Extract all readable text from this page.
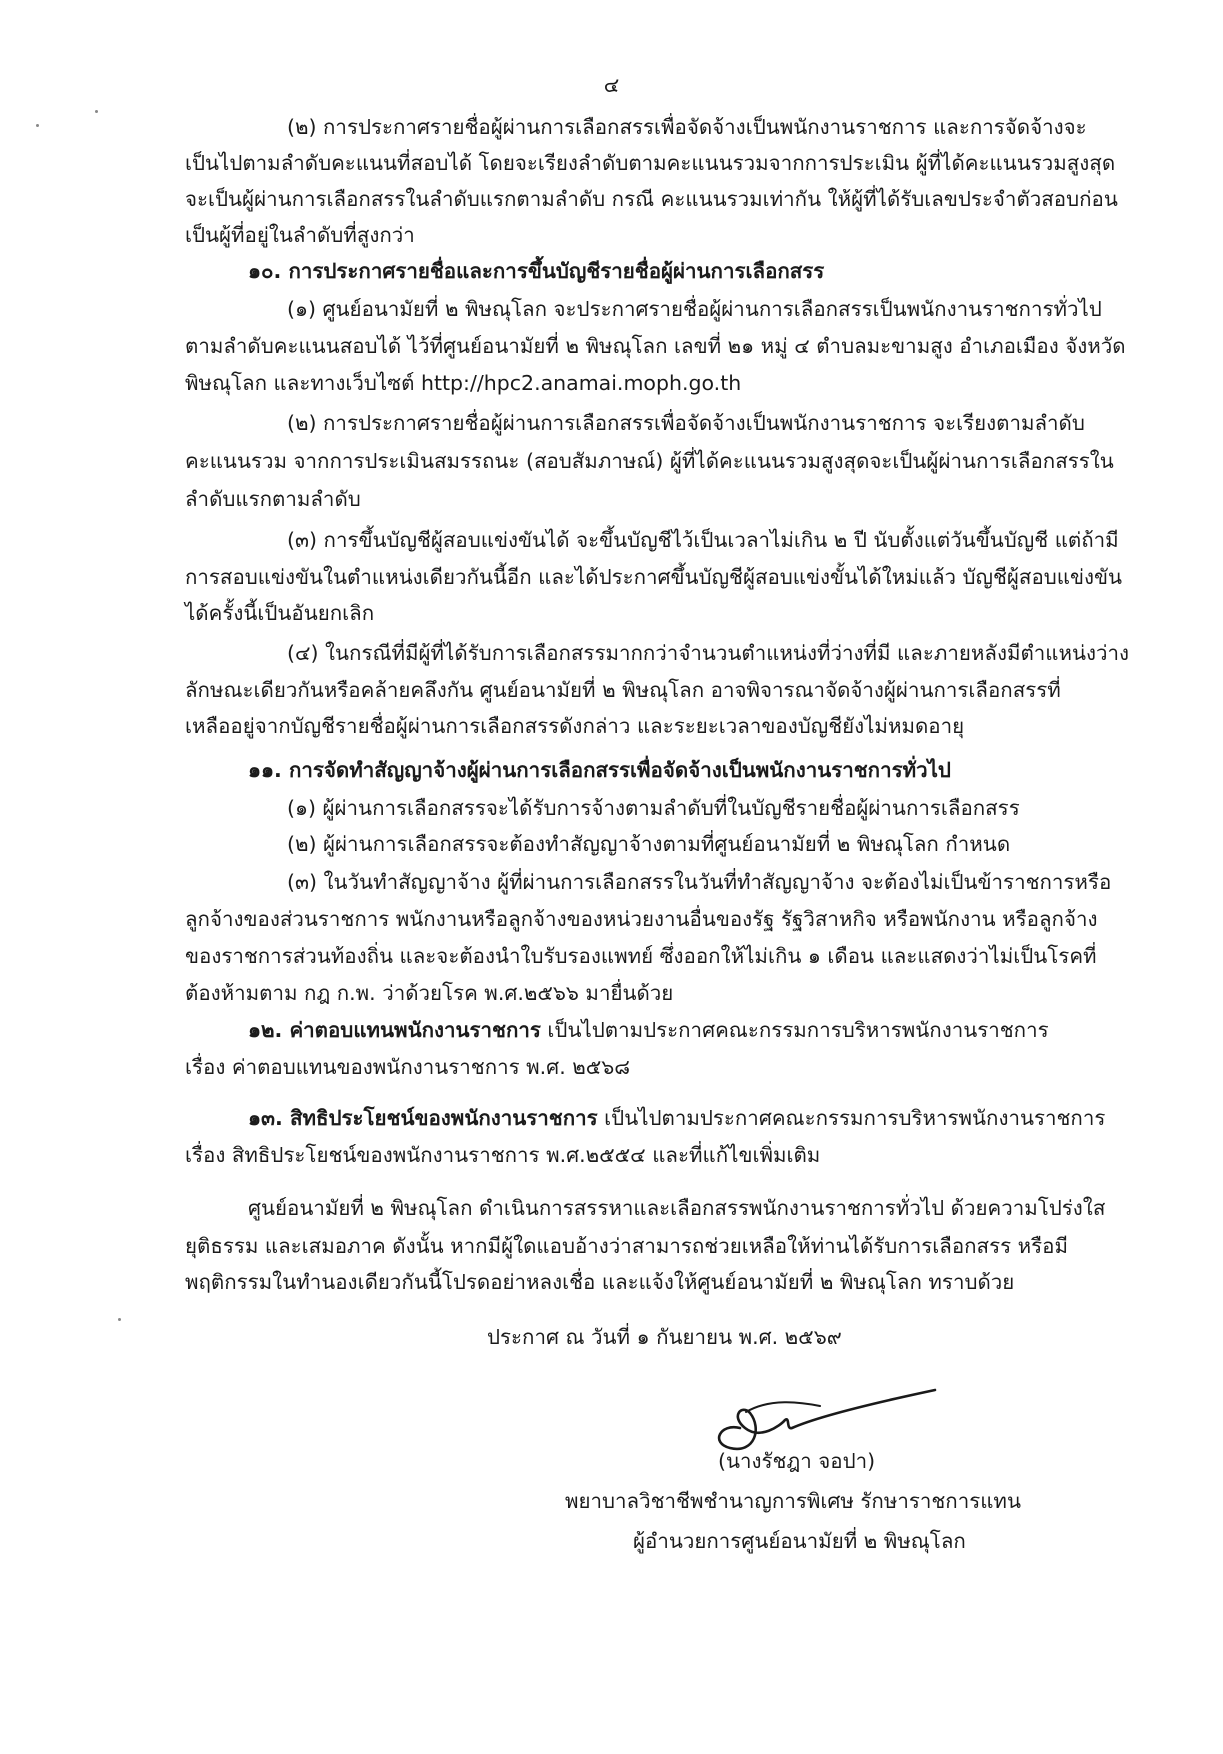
๔
(๒) การประกาศรายชื่อผู้ผ่านการเลือกสรรเพื่อจัดจ้างเป็นพนักงานราชการ และการจัดจ้างจะ
เป็นไปตามลำดับคะแนนที่สอบได้ โดยจะเรียงลำดับตามคะแนนรวมจากการประเมิน ผู้ที่ได้คะแนนรวมสูงสุด
จะเป็นผู้ผ่านการเลือกสรรในลำดับแรกตามลำดับ กรณี คะแนนรวมเท่ากัน ให้ผู้ที่ได้รับเลขประจำตัวสอบก่อน
เป็นผู้ที่อยู่ในลำดับที่สูงกว่า
๑๐. การประกาศรายชื่อและการขึ้นบัญชีรายชื่อผู้ผ่านการเลือกสรร
(๑) ศูนย์อนามัยที่ ๒ พิษณุโลก จะประกาศรายชื่อผู้ผ่านการเลือกสรรเป็นพนักงานราชการทั่วไป
ตามลำดับคะแนนสอบได้ ไว้ที่ศูนย์อนามัยที่ ๒ พิษณุโลก เลขที่ ๒๑ หมู่ ๔ ตำบลมะขามสูง อำเภอเมือง จังหวัด
พิษณุโลก และทางเว็บไซต์ http://hpc2.anamai.moph.go.th
(๒) การประกาศรายชื่อผู้ผ่านการเลือกสรรเพื่อจัดจ้างเป็นพนักงานราชการ จะเรียงตามลำดับ
คะแนนรวม จากการประเมินสมรรถนะ (สอบสัมภาษณ์) ผู้ที่ได้คะแนนรวมสูงสุดจะเป็นผู้ผ่านการเลือกสรรใน
ลำดับแรกตามลำดับ
(๓) การขึ้นบัญชีผู้สอบแข่งขันได้ จะขึ้นบัญชีไว้เป็นเวลาไม่เกิน ๒ ปี นับตั้งแต่วันขึ้นบัญชี แต่ถ้ามี
การสอบแข่งขันในตำแหน่งเดียวกันนี้อีก และได้ประกาศขึ้นบัญชีผู้สอบแข่งขั้นได้ใหม่แล้ว บัญชีผู้สอบแข่งขัน
ได้ครั้งนี้เป็นอันยกเลิก
(๔) ในกรณีที่มีผู้ที่ได้รับการเลือกสรรมากกว่าจำนวนตำแหน่งที่ว่างที่มี และภายหลังมีตำแหน่งว่าง
ลักษณะเดียวกันหรือคล้ายคลึงกัน ศูนย์อนามัยที่ ๒ พิษณุโลก อาจพิจารณาจัดจ้างผู้ผ่านการเลือกสรรที่
เหลืออยู่จากบัญชีรายชื่อผู้ผ่านการเลือกสรรดังกล่าว และระยะเวลาของบัญชียังไม่หมดอายุ
๑๑. การจัดทำสัญญาจ้างผู้ผ่านการเลือกสรรเพื่อจัดจ้างเป็นพนักงานราชการทั่วไป
(๑) ผู้ผ่านการเลือกสรรจะได้รับการจ้างตามลำดับที่ในบัญชีรายชื่อผู้ผ่านการเลือกสรร
(๒) ผู้ผ่านการเลือกสรรจะต้องทำสัญญาจ้างตามที่ศูนย์อนามัยที่ ๒ พิษณุโลก กำหนด
(๓) ในวันทำสัญญาจ้าง ผู้ที่ผ่านการเลือกสรรในวันที่ทำสัญญาจ้าง จะต้องไม่เป็นข้าราชการหรือ
ลูกจ้างของส่วนราชการ พนักงานหรือลูกจ้างของหน่วยงานอื่นของรัฐ รัฐวิสาหกิจ หรือพนักงาน หรือลูกจ้าง
ของราชการส่วนท้องถิ่น และจะต้องนำใบรับรองแพทย์ ซึ่งออกให้ไม่เกิน ๑ เดือน และแสดงว่าไม่เป็นโรคที่
ต้องห้ามตาม กฎ ก.พ. ว่าด้วยโรค พ.ศ.๒๕๖๖ มายื่นด้วย
๑๒. ค่าตอบแทนพนักงานราชการ เป็นไปตามประกาศคณะกรรมการบริหารพนักงานราชการ
เรื่อง ค่าตอบแทนของพนักงานราชการ พ.ศ. ๒๕๖๘
๑๓. สิทธิประโยชน์ของพนักงานราชการ เป็นไปตามประกาศคณะกรรมการบริหารพนักงานราชการ
เรื่อง สิทธิประโยชน์ของพนักงานราชการ พ.ศ.๒๕๕๔ และที่แก้ไขเพิ่มเติม
ศูนย์อนามัยที่ ๒ พิษณุโลก ดำเนินการสรรหาและเลือกสรรพนักงานราชการทั่วไป ด้วยความโปร่งใส
ยุติธรรม และเสมอภาค ดังนั้น หากมีผู้ใดแอบอ้างว่าสามารถช่วยเหลือให้ท่านได้รับการเลือกสรร หรือมี
พฤติกรรมในทำนองเดียวกันนี้โปรดอย่าหลงเชื่อ และแจ้งให้ศูนย์อนามัยที่ ๒ พิษณุโลก ทราบด้วย
ประกาศ ณ วันที่ ๑ กันยายน พ.ศ. ๒๕๖๙
(นางรัชฎา จอปา)
พยาบาลวิชาชีพชำนาญการพิเศษ รักษาราชการแทน
ผู้อำนวยการศูนย์อนามัยที่ ๒ พิษณุโลก
